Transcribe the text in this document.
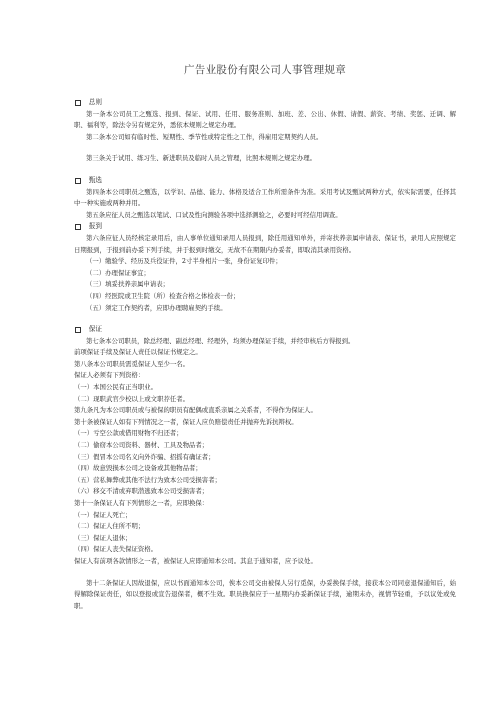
广告业股份有限公司人事管理规章
总则

第一条本公司员工之甄选、报到、保证、试用、任用、服务准则、加班、差、公出、休假、请假、薪资、考绩、奖惩、迁调、解职、福利等，除法令另有规定外，悉依本规则之规定办理。

第二条本公司如有临时性、短期性、季节性或特定性之工作，得雇用定期契约人员。

第三条关于试用、练习生、新进职员及临时人员之管理，比照本规则之规定办理。

甄选

第四条本公司职员之甄选，以学识、品德、能力、体格及适合工作所需条件为准。采用考试及甄试两种方式，依实际需要，任择其中一种实施或两种并用。

第五条应征人员之甄选以笔试、口试及性向测验各项中选择测验之，必要时可经信用调查。

报到

第六条应征人员经核定录用后，由人事单位通知录用人员报到，除任用通知单外，并寄扶养亲属申请表、保证书，录用人应照规定日期报到，于报到前办妥下列手续，并于报到时缴交，无故不在期限内办妥者，即取消其录用资格。

（一）缴验学、经历及兵役证件，2寸半身相片一张，身份证复印件；

（二）办理保证事宜；

（三）填妥扶养亲属申请表；

（四）经医院或卫生院（所）检查合格之体检表一份；

（五）须定工作契约者，应即办理聘雇契约手续。

保证

第七条本公司职员，除总经理、副总经理、经理外，均须办理保证手续，并经审核后方得报到。

前项保证手续及保证人责任以保证书规定之。

第八条本公司职员需觅保证人至少一名。

保证人必须有下列资格：

（一）本国公民有正当职业。

（二）现职武官少校以上或文职荐任者。

第九条凡为本公司职员或与被保的职员有配偶或直系亲属之关系者，不得作为保证人。

第十条被保证人如有下列情况之一者，保证人应负赔偿责任并抛弃先诉抗辩权。

（一）亏空公款或借用财物不归还者；

（二）偷窃本公司资料、器材、工具及物品者；

（三）假冒本公司名义向外诈骗、招摇有确证者；

（四）故意毁损本公司之设备或其他物品者；

（五）营私舞弊或其他不法行为致本公司受损害者；

（六）移交不清或弃职潜逃致本公司受损害者；

第十一条保证人有下列情形之一者，应即换保：

（一）保证人死亡；

（二）保证人住所不明；

（三）保证人退休；

（四）保证人丧失保证资格。

保证人有前项各款情形之一者，被保证人应即通知本公司。其息于通知者，应予议处。

第十二条保证人因故退保，应以书面通知本公司，俟本公司交由被保人另行觅保，办妥换保手续，接获本公司同意退保通知后，始得解除保证责任，如以登报或宣告退保者，概不生效。职员换保应于一星期内办妥新保证手续，逾期未办，视情节轻重，予以议处或免职。
